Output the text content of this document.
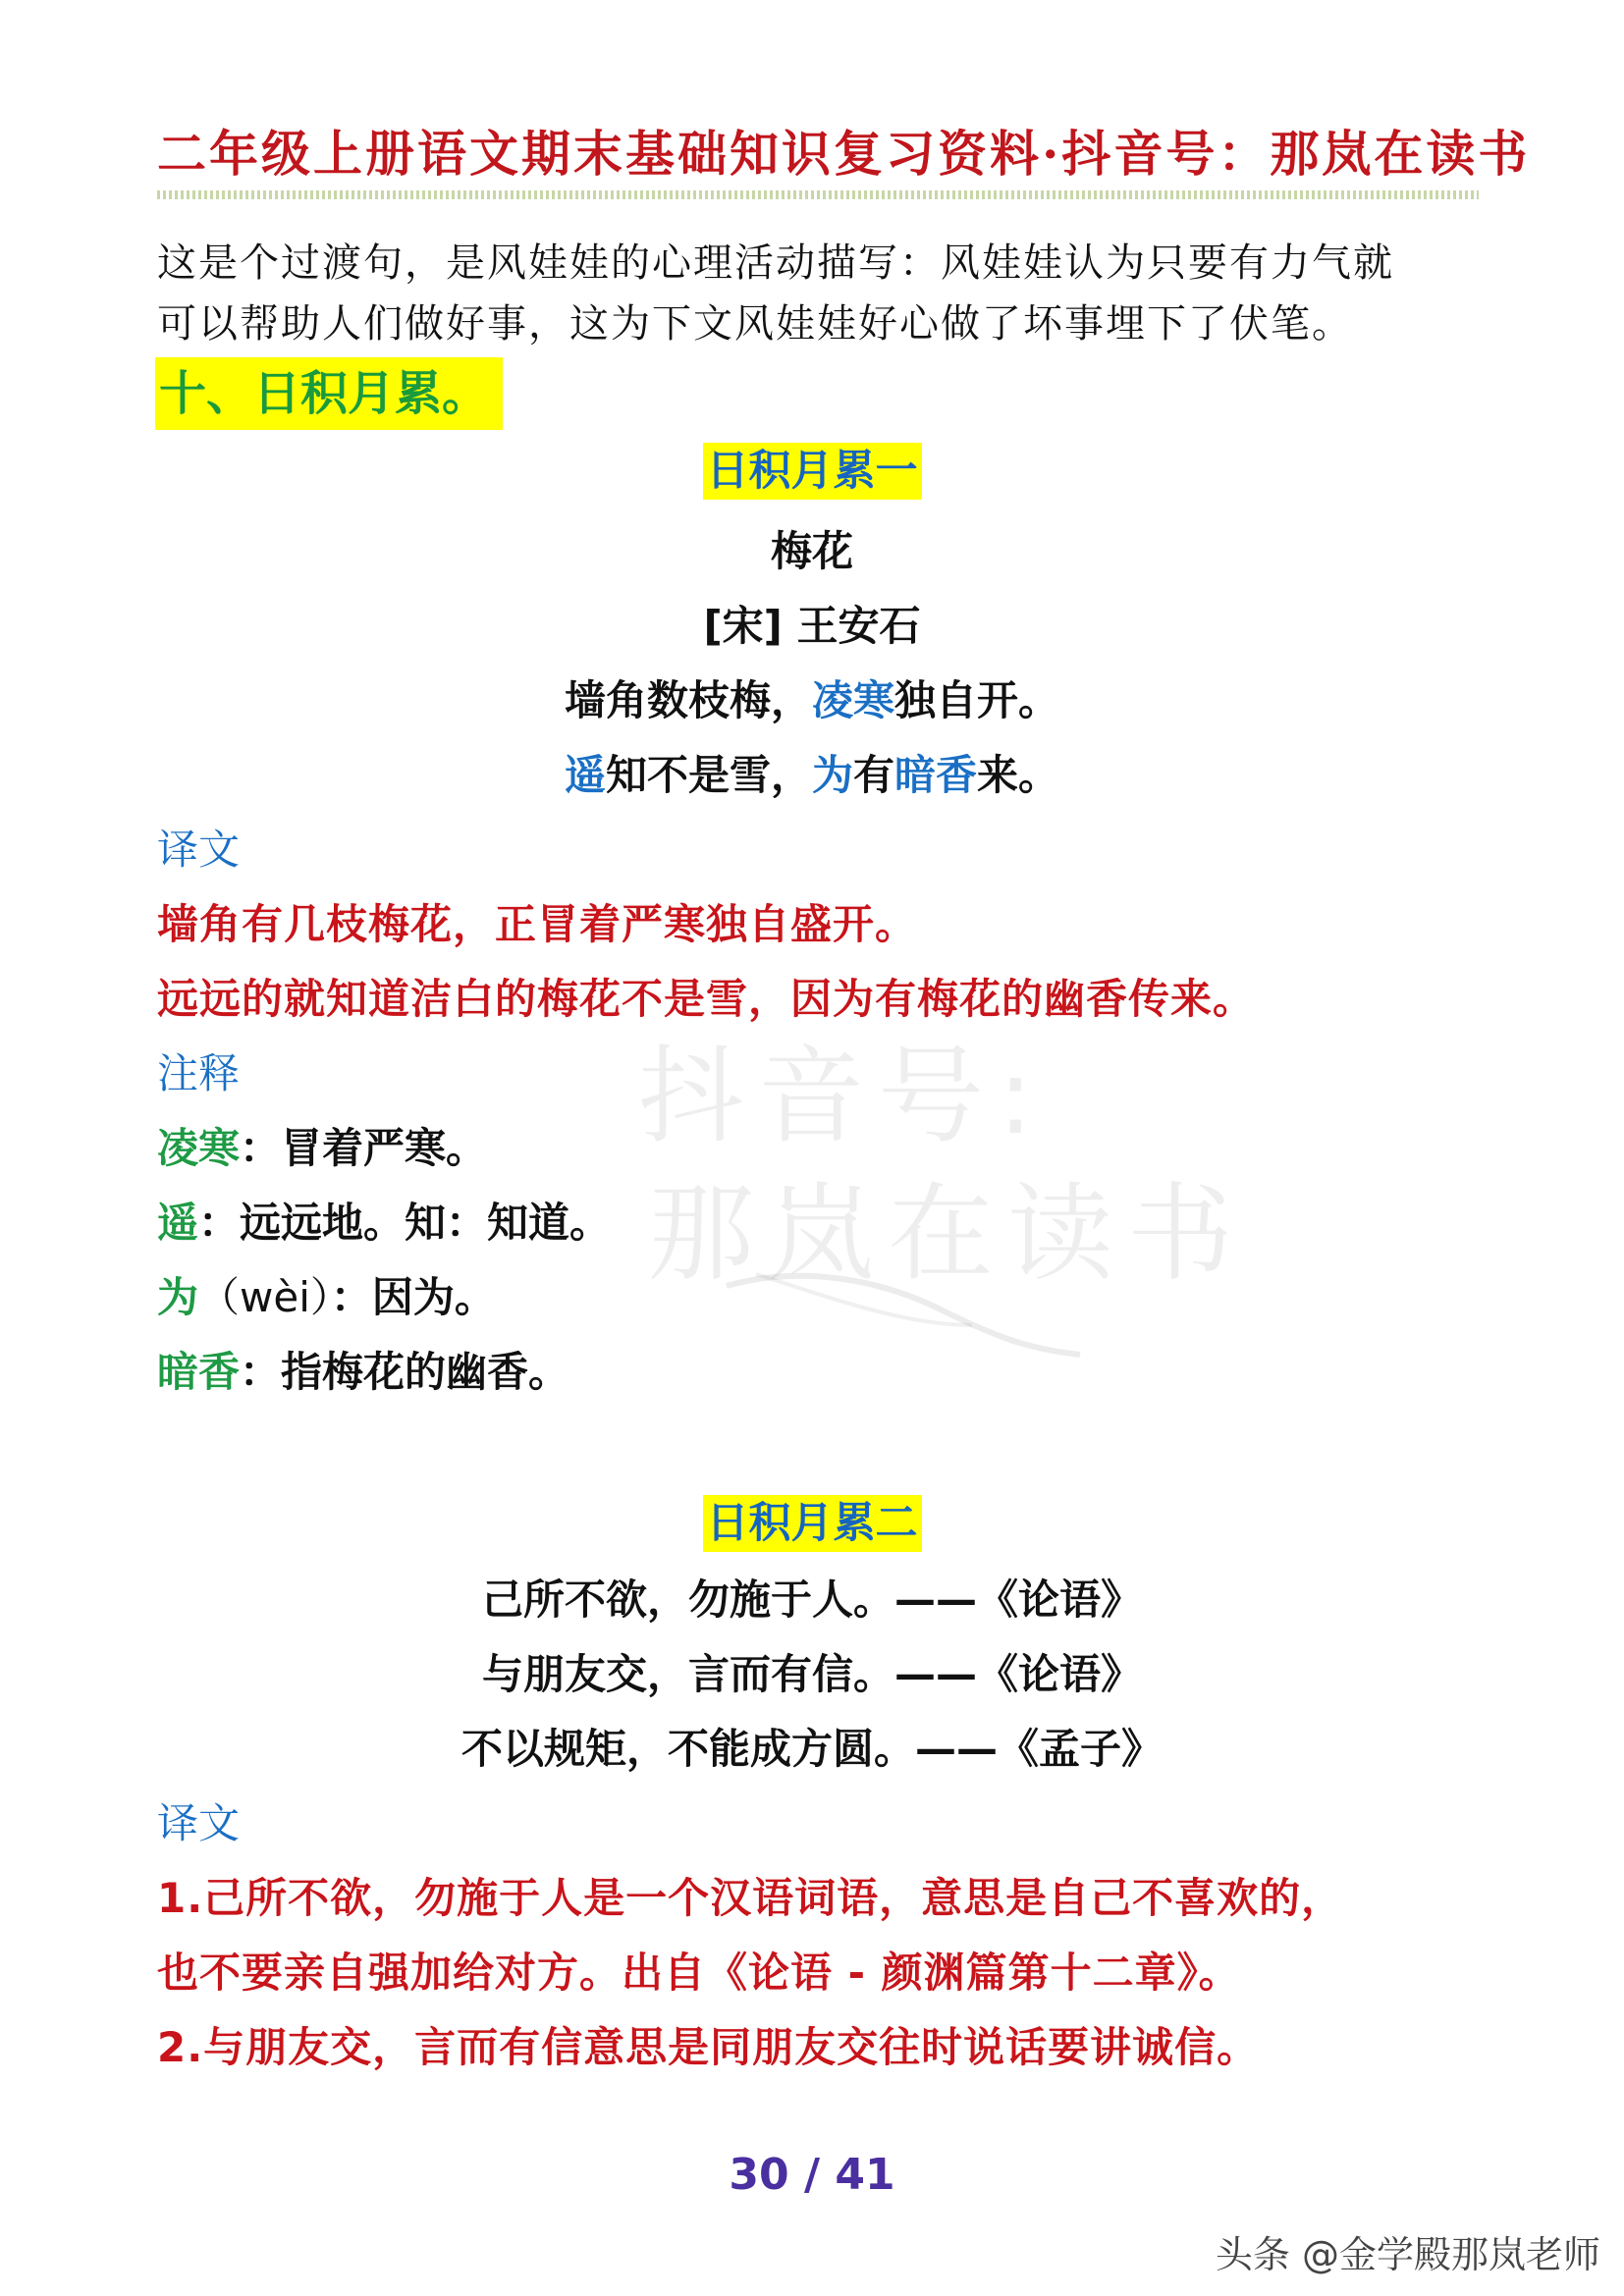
二年级上册语文期末基础知识复习资料·抖音号：那岚在读书
这是个过渡句，是风娃娃的心理活动描写：风娃娃认为只要有力气就
可以帮助人们做好事，这为下文风娃娃好心做了坏事埋下了伏笔。
十、日积月累。
日积月累一
梅花
[宋] 王安石
墙角数枝梅，凌寒独自开。
遥知不是雪，为有暗香来。
译文
墙角有几枝梅花，正冒着严寒独自盛开。
远远的就知道洁白的梅花不是雪，因为有梅花的幽香传来。
注释
凌寒：冒着严寒。
遥：远远地。知：知道。
为（wèi）：因为。
暗香：指梅花的幽香。
抖音号:
那岚在读书
日积月累二
己所不欲，勿施于人。——《论语》
与朋友交，言而有信。——《论语》
不以规矩，不能成方圆。——《孟子》
译文
1.己所不欲，勿施于人是一个汉语词语，意思是自己不喜欢的，
也不要亲自强加给对方。出自《论语 - 颜渊篇第十二章》。
2.与朋友交，言而有信意思是同朋友交往时说话要讲诚信。
30 / 41
头条 @金学殿那岚老师
